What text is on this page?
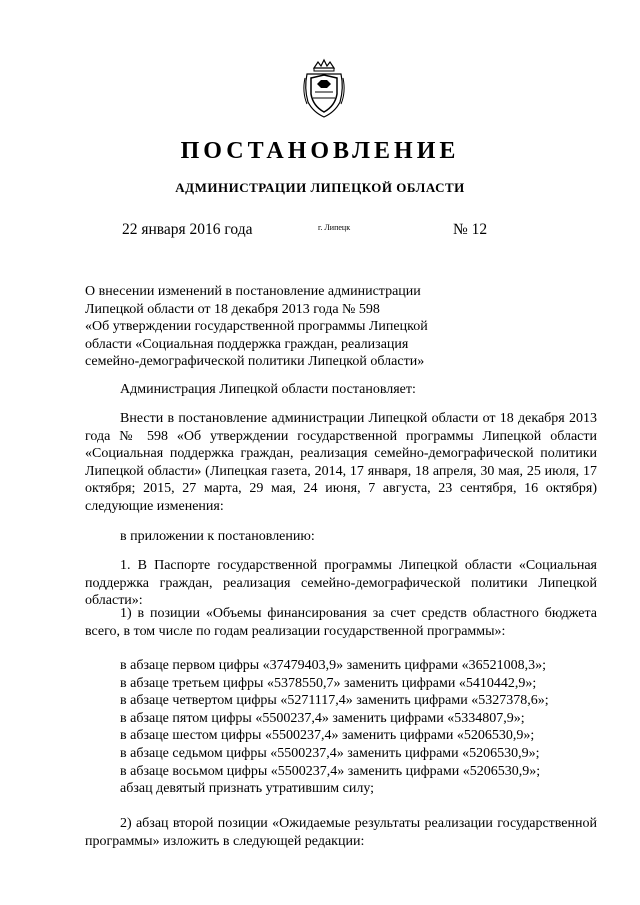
ПОСТАНОВЛЕНИЕ
АДМИНИСТРАЦИИ ЛИПЕЦКОЙ ОБЛАСТИ
22 января 2016 года	г. Липецк	№ 12
О внесении изменений в постановление администрации
Липецкой области от 18 декабря 2013 года № 598
«Об утверждении государственной программы Липецкой
области «Социальная поддержка граждан, реализация
семейно-демографической политики Липецкой области»
Администрация Липецкой области постановляет:
Внести в постановление администрации Липецкой области от 18 декабря 2013 года № 598 «Об утверждении государственной программы Липецкой области «Социальная поддержка граждан, реализация семейно-демографической политики Липецкой области» (Липецкая газета, 2014, 17 января, 18 апреля, 30 мая, 25 июля, 17 октября; 2015, 27 марта, 29 мая, 24 июня, 7 августа, 23 сентября, 16 октября) следующие изменения:
в приложении к постановлению:
1. В Паспорте государственной программы Липецкой области «Социальная поддержка граждан, реализация семейно-демографической политики Липецкой области»:
1) в позиции «Объемы финансирования за счет средств областного бюджета всего, в том числе по годам реализации государственной программы»:
в абзаце первом цифры «37479403,9» заменить цифрами «36521008,3»;
в абзаце третьем цифры «5378550,7» заменить цифрами «5410442,9»;
в абзаце четвертом цифры «5271117,4» заменить цифрами «5327378,6»;
в абзаце пятом цифры «5500237,4» заменить цифрами «5334807,9»;
в абзаце шестом цифры «5500237,4» заменить цифрами «5206530,9»;
в абзаце седьмом цифры «5500237,4» заменить цифрами «5206530,9»;
в абзаце восьмом цифры «5500237,4» заменить цифрами «5206530,9»;
абзац девятый признать утратившим силу;
2) абзац второй позиции «Ожидаемые результаты реализации государственной программы» изложить в следующей редакции:
